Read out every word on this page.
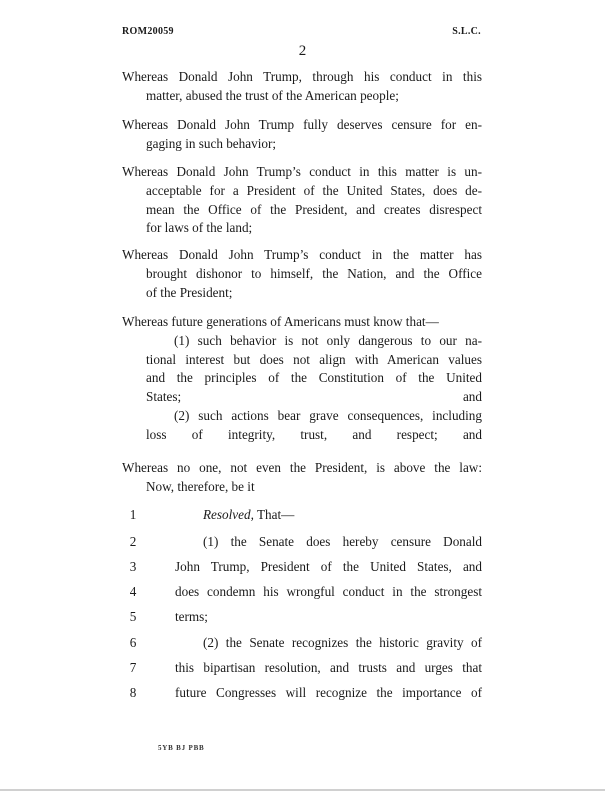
ROM20059	S.L.C.
2
Whereas Donald John Trump, through his conduct in this
matter, abused the trust of the American people;
Whereas Donald John Trump fully deserves censure for en-
gaging in such behavior;
Whereas Donald John Trump’s conduct in this matter is un-
acceptable for a President of the United States, does de-
mean the Office of the President, and creates disrespect
for laws of the land;
Whereas Donald John Trump’s conduct in the matter has
brought dishonor to himself, the Nation, and the Office
of the President;
Whereas future generations of Americans must know that—
(1) such behavior is not only dangerous to our na-
tional interest but does not align with American values
and the principles of the Constitution of the United
States; and
(2) such actions bear grave consequences, including
loss of integrity, trust, and respect; and
Whereas no one, not even the President, is above the law:
Now, therefore, be it
1	Resolved, That—
2	(1) the Senate does hereby censure Donald
3	John Trump, President of the United States, and
4	does condemn his wrongful conduct in the strongest
5	terms;
6	(2) the Senate recognizes the historic gravity of
7	this bipartisan resolution, and trusts and urges that
8	future Congresses will recognize the importance of
5YB BJ PBB
